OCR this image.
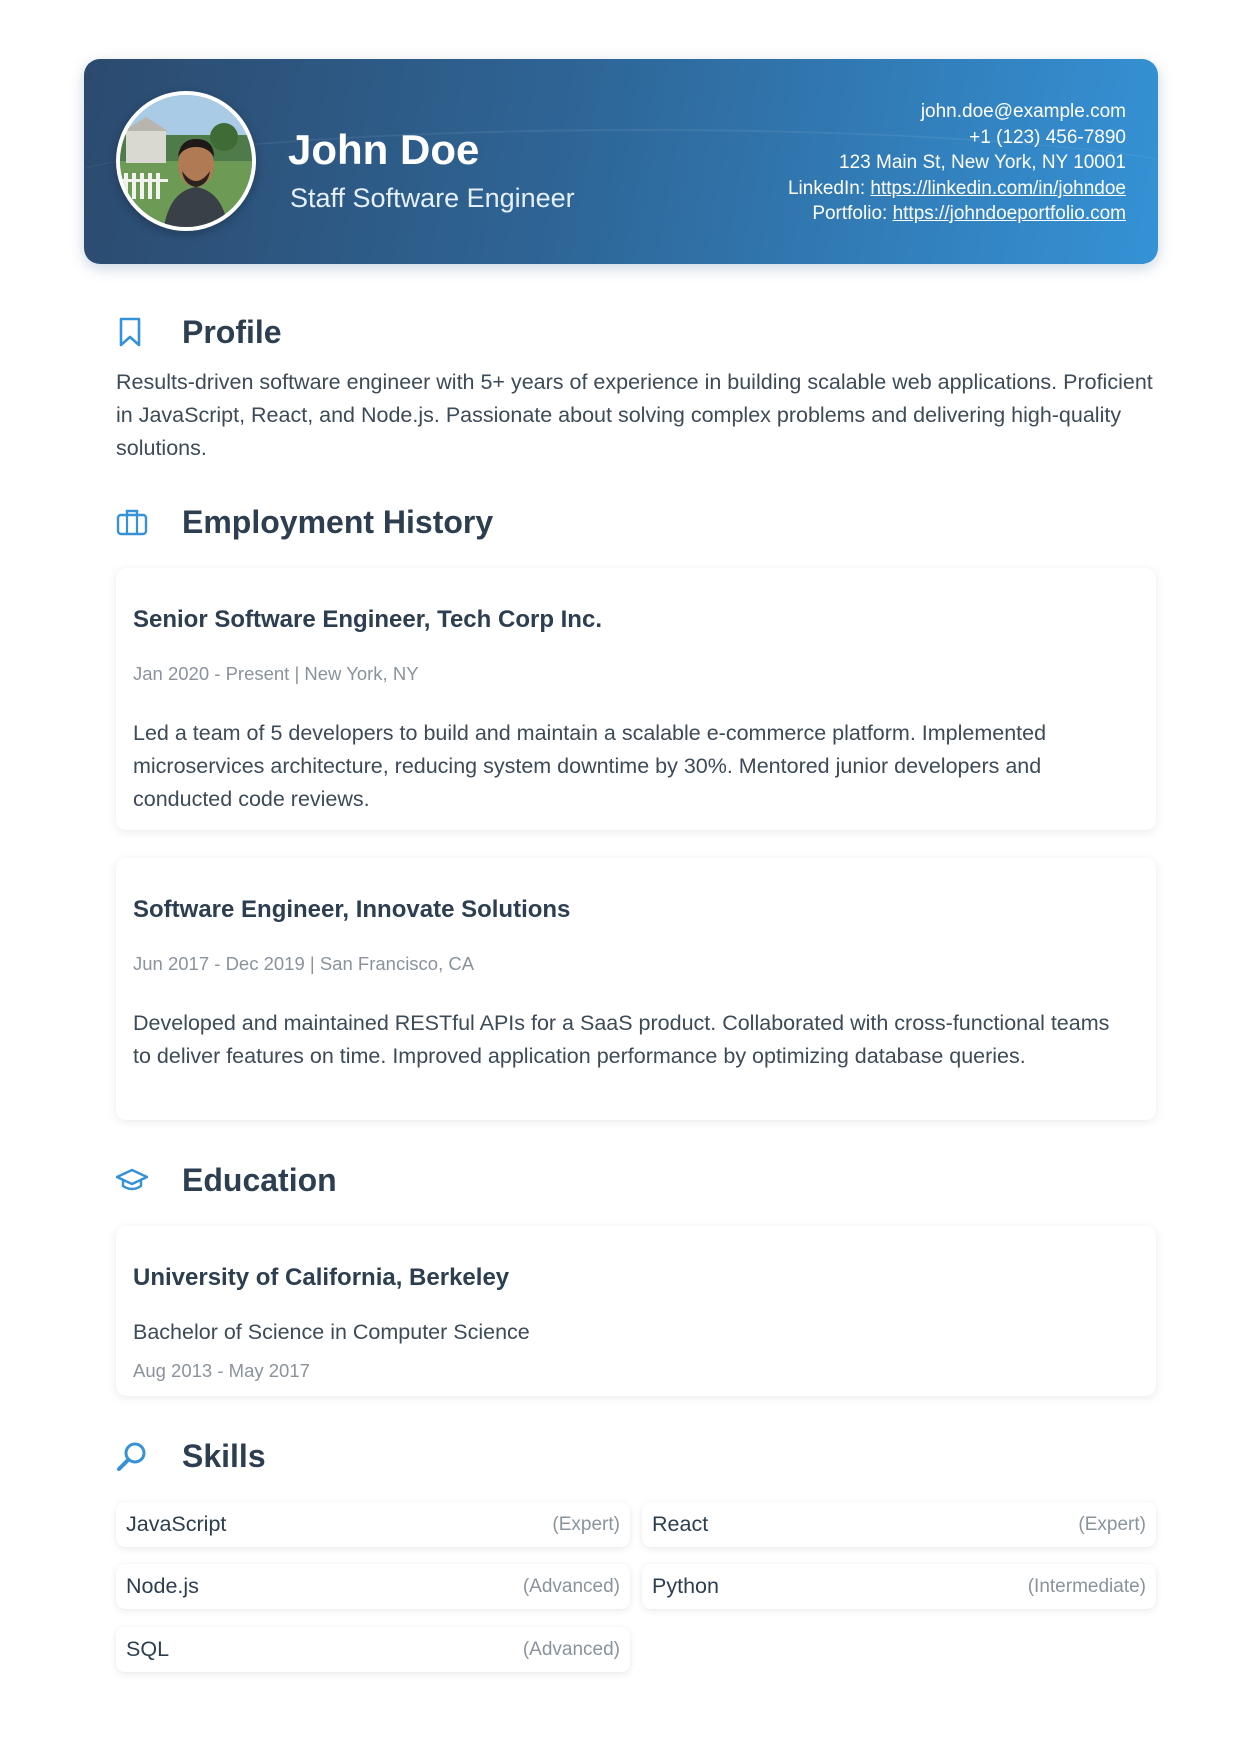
John Doe
Staff Software Engineer
john.doe@example.com
+1 (123) 456-7890
123 Main St, New York, NY 10001
LinkedIn: https://linkedin.com/in/johndoe
Portfolio: https://johndoeportfolio.com
Profile
Results-driven software engineer with 5+ years of experience in building scalable web applications. Proficient in JavaScript, React, and Node.js. Passionate about solving complex problems and delivering high-quality solutions.
Employment History
Senior Software Engineer, Tech Corp Inc.
Jan 2020 - Present | New York, NY
Led a team of 5 developers to build and maintain a scalable e-commerce platform. Implemented microservices architecture, reducing system downtime by 30%. Mentored junior developers and conducted code reviews.
Software Engineer, Innovate Solutions
Jun 2017 - Dec 2019 | San Francisco, CA
Developed and maintained RESTful APIs for a SaaS product. Collaborated with cross-functional teams to deliver features on time. Improved application performance by optimizing database queries.
Education
University of California, Berkeley
Bachelor of Science in Computer Science
Aug 2013 - May 2017
Skills
JavaScript	(Expert) React	(Expert)
Node.js	(Advanced) Python	(Intermediate)
SQL	(Advanced)
